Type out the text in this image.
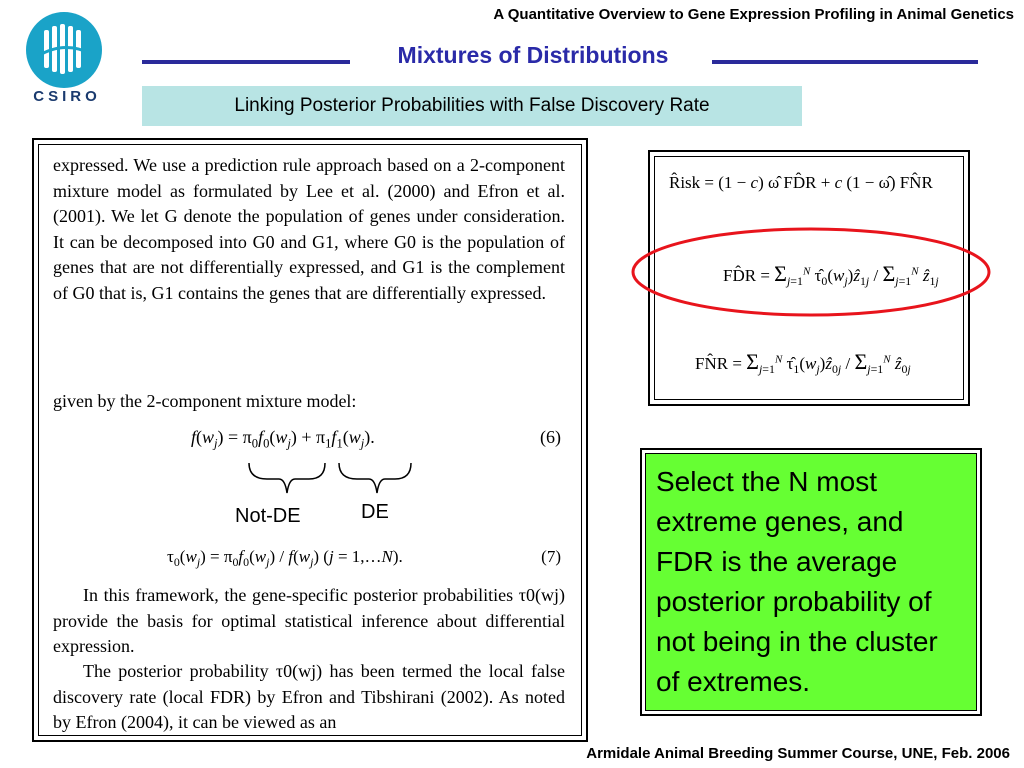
CSIRO
A Quantitative Overview to Gene Expression Profiling in Animal Genetics
Mixtures of Distributions
Linking Posterior Probabilities with False Discovery Rate
expressed. We use a prediction rule approach based on a 2-component mixture model as formulated by Lee et al. (2000) and Efron et al. (2001). We let G denote the population of genes under consideration. It can be decomposed into G0 and G1, where G0 is the population of genes that are not differentially expressed, and G1 is the complement of G0 that is, G1 contains the genes that are differentially expressed.
given by the 2-component mixture model:
$f(w_j) = \pi_0f_0(w_j) + \pi_1f_1(w_j)$.	(6)
Not-DE	DE
$\tau_0(w_j) = \pi_0f_0(w_j) / f(w_j) (j$ = 1,…N).	(7)
In this framework, the gene-specific posterior probabilities τ0(wj) provide the basis for optimal statistical inference about differential expression.
The posterior probability τ0(wj) has been termed the local false discovery rate (local FDR) by Efron and Tibshirani (2002). As noted by Efron (2004), it can be viewed as an
R̂isk = (1 − c) ω̂ FD̂R + c (1 − ω̂) FN̂R
FD̂R = $\Sigma_{j=1}^N$ $\taû_0(w_j)ẑ_{1j} / \Sigma_{j=1}^N$ ẑ$_{1j}$
FN̂R = $\Sigma_{j=1}^N$ $\taû_1(w_j)ẑ_{0j} / \Sigma_{j=1}^N$ ẑ$_{0j}$
Select the N most extreme genes, and FDR is the average posterior probability of not being in the cluster of extremes.
Armidale Animal Breeding Summer Course, UNE, Feb. 2006
